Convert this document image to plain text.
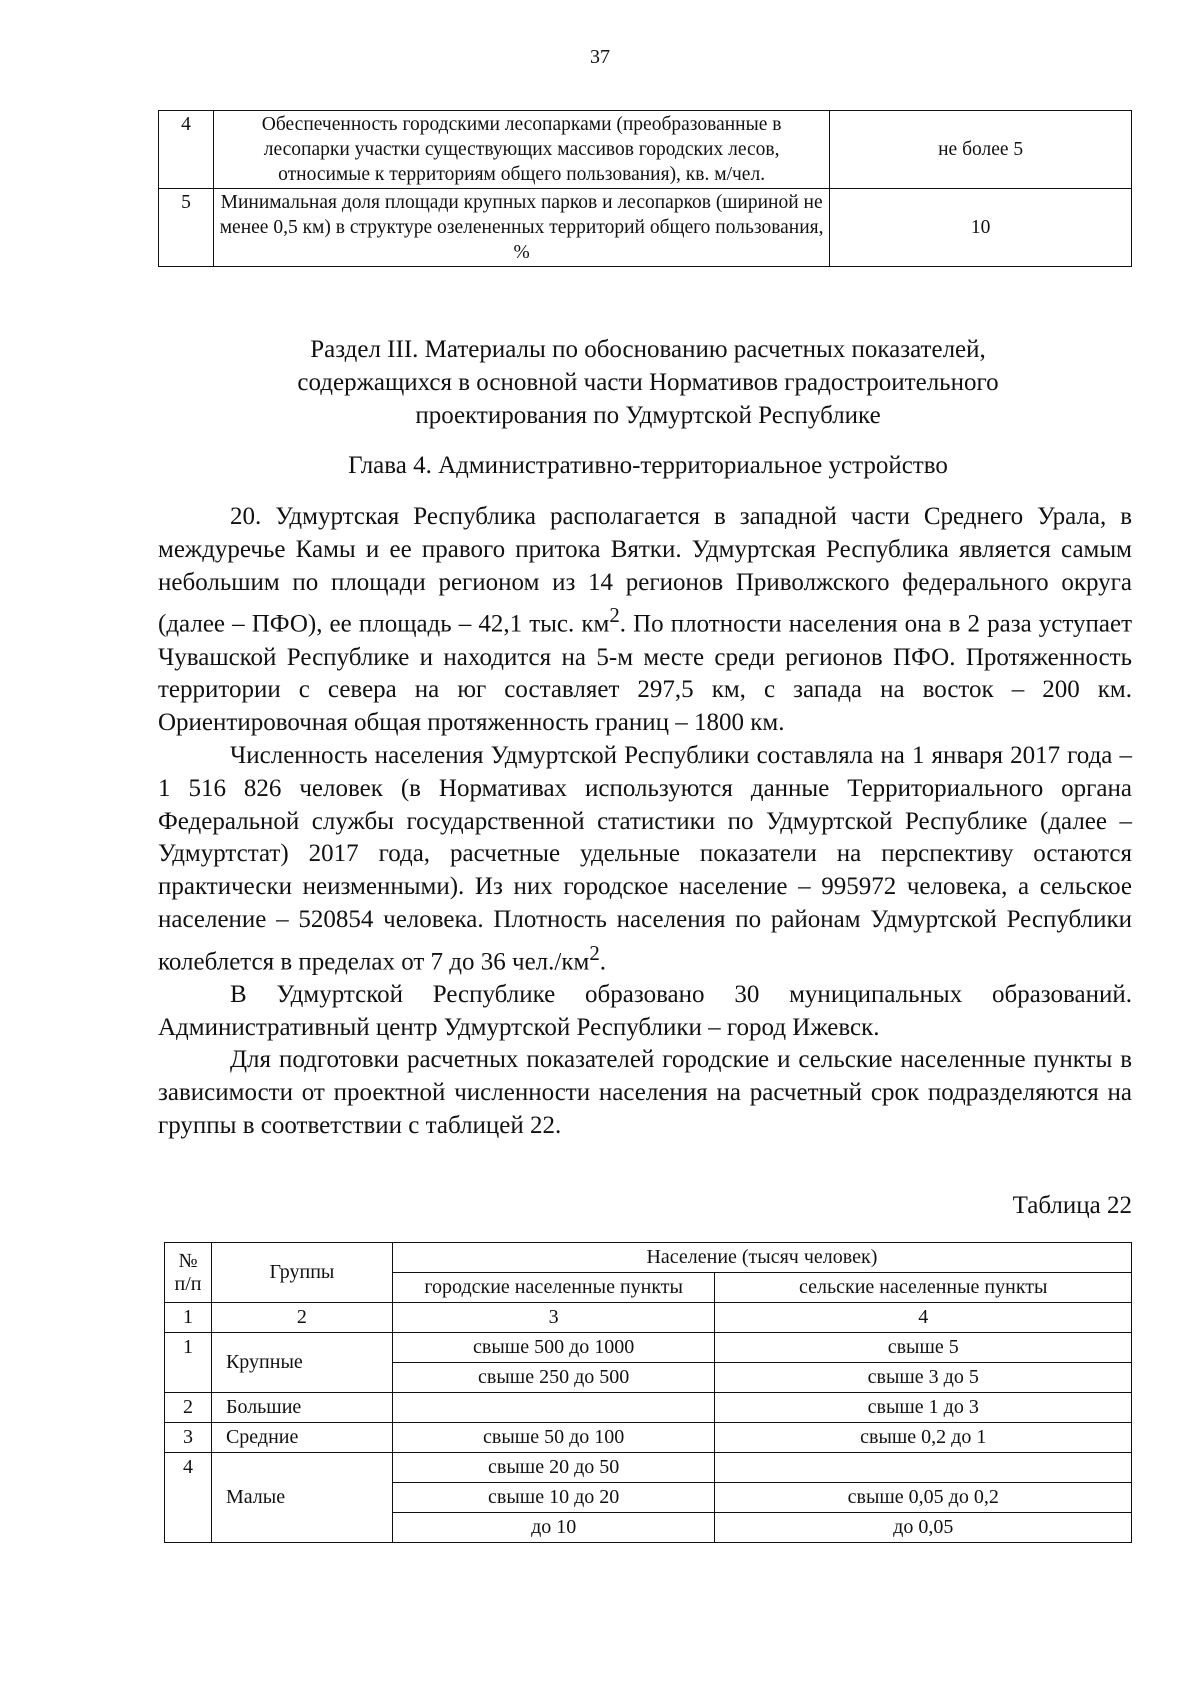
37
4	Обеспеченность городскими лесопарками (преобразованные в лесопарки участки существующих массивов городских лесов, относимые к территориям общего пользования), кв. м/чел.	не более 5
5	Минимальная доля площади крупных парков и лесопарков (шириной не менее 0,5 км) в структуре озелененных территорий общего пользования, %	10
Раздел III. Материалы по обоснованию расчетных показателей,
содержащихся в основной части Нормативов градостроительного
проектирования по Удмуртской Республике
Глава 4. Административно-территориальное устройство

20. Удмуртская Республика располагается в западной части Среднего Урала, в междуречье Камы и ее правого притока Вятки. Удмуртская Республика является самым небольшим по площади регионом из 14 регионов Приволжского федерального округа (далее – ПФО), ее площадь – 42,1 тыс. $км^2$. По плотности населения она в 2 раза уступает Чувашской Республике и находится на 5-м месте среди регионов ПФО. Протяженность территории с севера на юг составляет 297,5 км, с запада на восток – 200 км. Ориентировочная общая протяженность границ – 1800 км.

Численность населения Удмуртской Республики составляла на 1 января 2017 года – 1 516 826 человек (в Нормативах используются данные Территориального органа Федеральной службы государственной статистики по Удмуртской Республике (далее – Удмуртстат) 2017 года, расчетные удельные показатели на перспективу остаются практически неизменными). Из них городское население – 995972 человека, а сельское население – 520854 человека. Плотность населения по районам Удмуртской Республики колеблется в пределах от 7 до 36 $чел./км^2$.

В Удмуртской Республике образовано 30 муниципальных образований. Административный центр Удмуртской Республики – город Ижевск.

Для подготовки расчетных показателей городские и сельские населенные пункты в зависимости от проектной численности населения на расчетный срок подразделяются на группы в соответствии с таблицей 22.

Таблица 22
№
п/п	Группы	Население (тысяч человек)	
		городские населенные пункты	сельские населенные пункты
1	2	3	4
1	Крупные	свыше 500 до 1000	свыше 5
		свыше 250 до 500	свыше 3 до 5
2	Большие		свыше 1 до 3
3	Средние	свыше 50 до 100	свыше 0,2 до 1
4	Малые	свыше 20 до 50	
		свыше 10 до 20	свыше 0,05 до 0,2
		до 10	до 0,05
